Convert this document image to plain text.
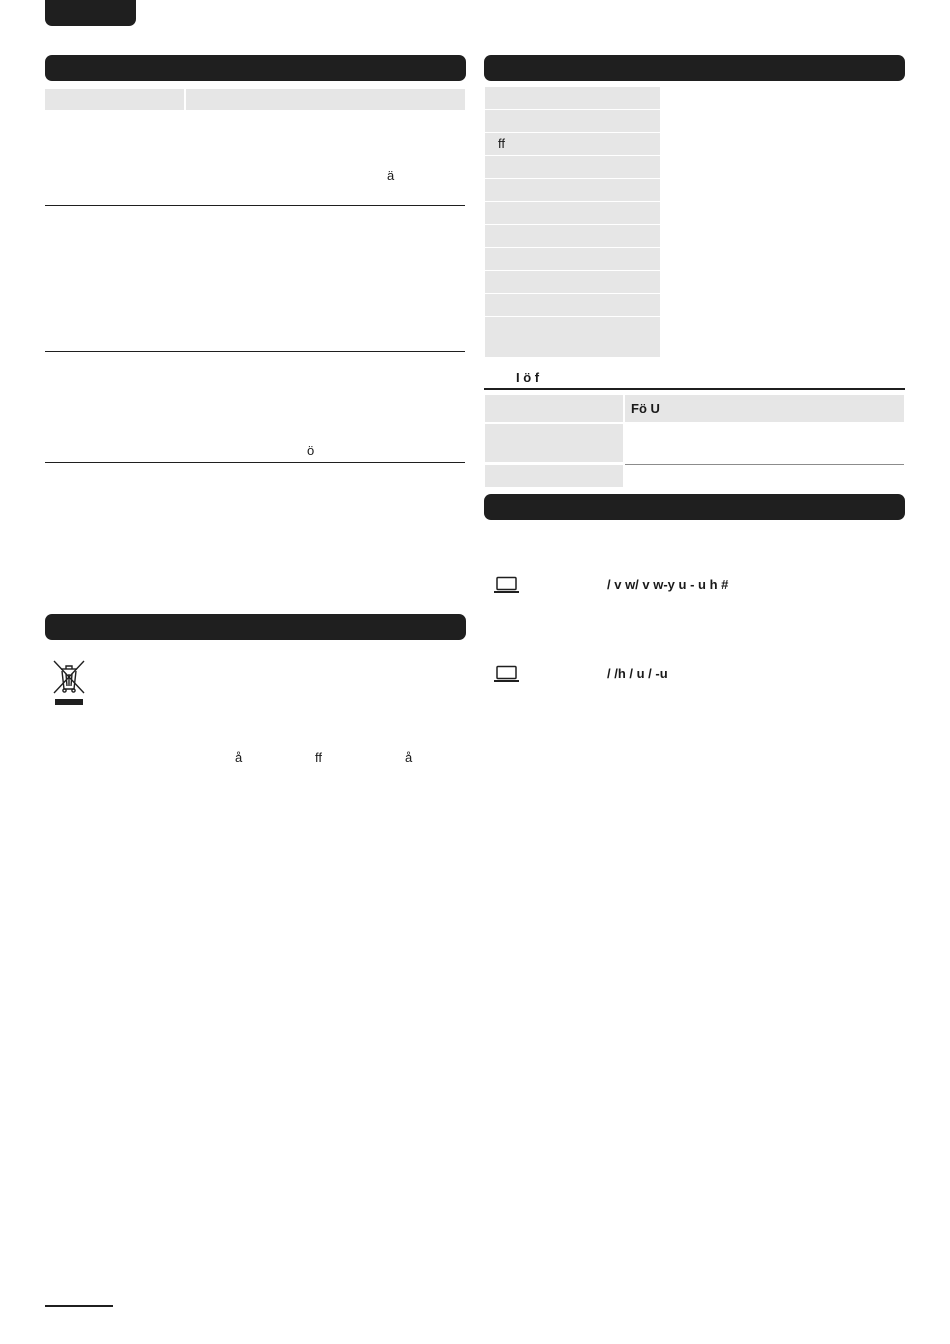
ä
ö

B k ff ( fö u )

å	ff	å

ff
I ö f
Fö U

Å k h jä

/ v w/ v w-y u - u h #
/ /h / u / -u
